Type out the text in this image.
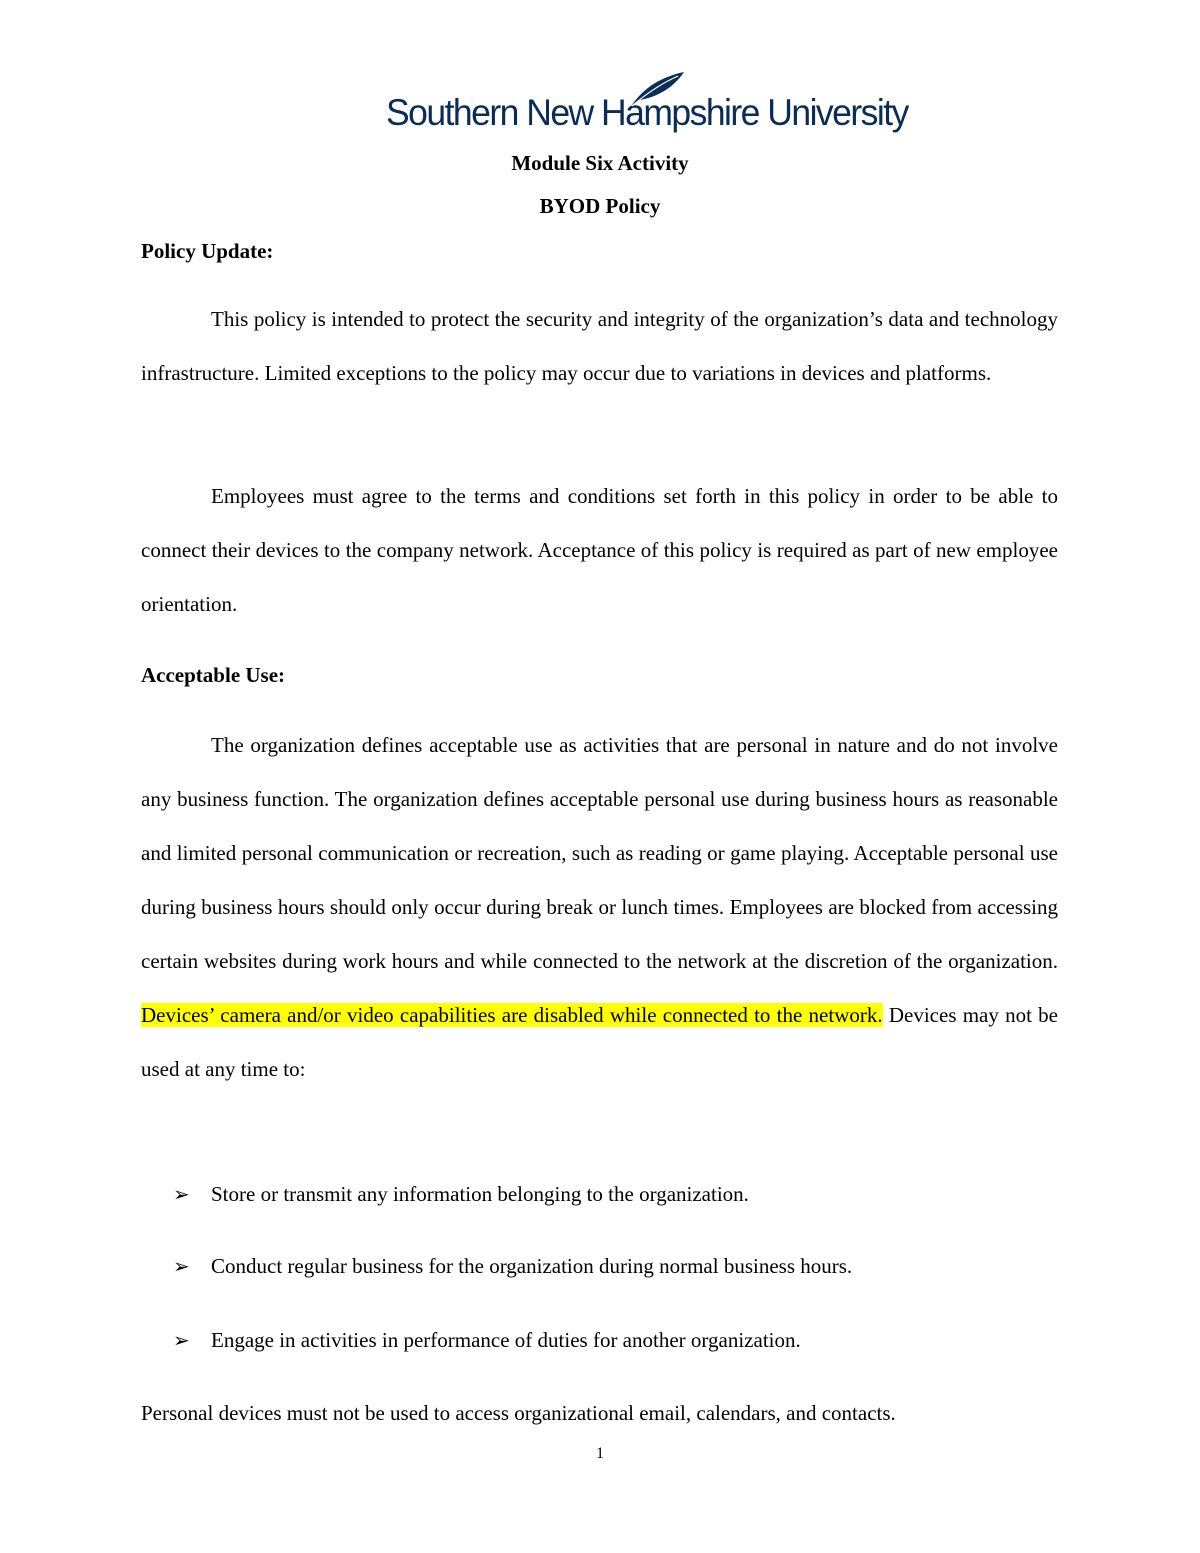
Southern New Hampshire University
Module Six Activity
BYOD Policy
Policy Update:

This policy is intended to protect the security and integrity of the organization’s data and technology infrastructure. Limited exceptions to the policy may occur due to variations in devices and platforms.

Employees must agree to the terms and conditions set forth in this policy in order to be able to connect their devices to the company network. Acceptance of this policy is required as part of new employee orientation.

Acceptable Use:

The organization defines acceptable use as activities that are personal in nature and do not involve any business function. The organization defines acceptable personal use during business hours as reasonable and limited personal communication or recreation, such as reading or game playing. Acceptable personal use during business hours should only occur during break or lunch times. Employees are blocked from accessing certain websites during work hours and while connected to the network at the discretion of the organization. Devices’ camera and/or video capabilities are disabled while connected to the network. Devices may not be used at any time to:

➢ Store or transmit any information belonging to the organization.
➢ Conduct regular business for the organization during normal business hours.
➢ Engage in activities in performance of duties for another organization.

Personal devices must not be used to access organizational email, calendars, and contacts.

1
